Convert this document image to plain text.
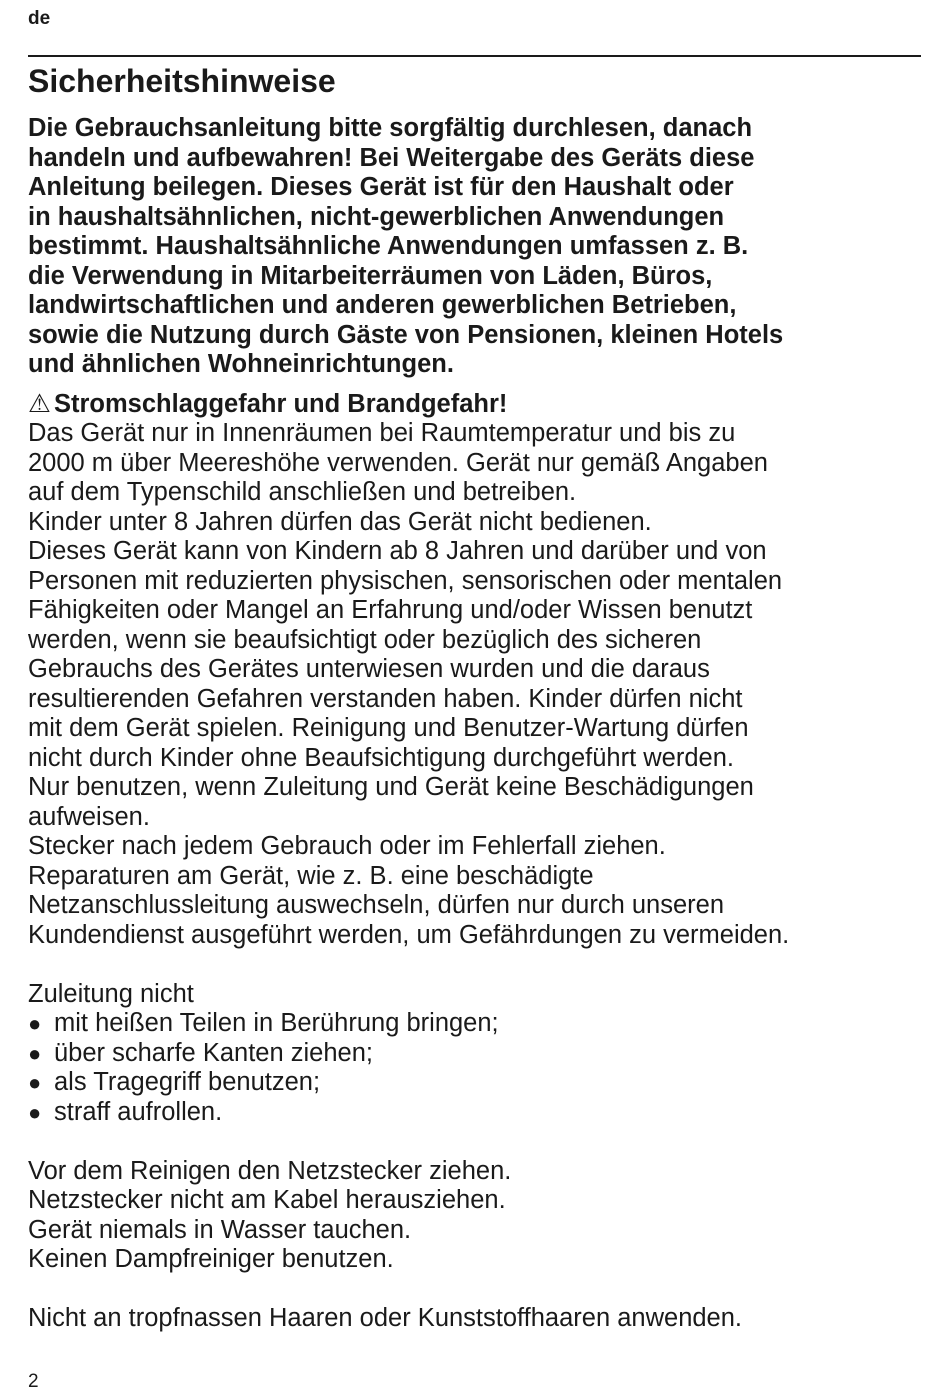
de
Sicherheitshinweise
Die Gebrauchsanleitung bitte sorgfältig durchlesen, danach
handeln und aufbewahren! Bei Weitergabe des Geräts diese
Anleitung beilegen. Dieses Gerät ist für den Haushalt oder
in haushaltsähnlichen, nicht-gewerblichen Anwendungen
bestimmt. Haushaltsähnliche Anwendungen umfassen z. B.
die Verwendung in Mitarbeiterräumen von Läden, Büros,
landwirtschaftlichen und anderen gewerblichen Betrieben,
sowie die Nutzung durch Gäste von Pensionen, kleinen Hotels
und ähnlichen Wohneinrichtungen.
⚠ Stromschlaggefahr und Brandgefahr!
Das Gerät nur in Innenräumen bei Raumtemperatur und bis zu
2000 m über Meereshöhe verwenden. Gerät nur gemäß Angaben
auf dem Typenschild anschließen und betreiben.
Kinder unter 8 Jahren dürfen das Gerät nicht bedienen.
Dieses Gerät kann von Kindern ab 8 Jahren und darüber und von
Personen mit reduzierten physischen, sensorischen oder mentalen
Fähigkeiten oder Mangel an Erfahrung und/oder Wissen benutzt
werden, wenn sie beaufsichtigt oder bezüglich des sicheren
Gebrauchs des Gerätes unterwiesen wurden und die daraus
resultierenden Gefahren verstanden haben. Kinder dürfen nicht
mit dem Gerät spielen. Reinigung und Benutzer-Wartung dürfen
nicht durch Kinder ohne Beaufsichtigung durchgeführt werden.
Nur benutzen, wenn Zuleitung und Gerät keine Beschädigungen
aufweisen.
Stecker nach jedem Gebrauch oder im Fehlerfall ziehen.
Reparaturen am Gerät, wie z. B. eine beschädigte
Netzanschlussleitung auswechseln, dürfen nur durch unseren
Kundendienst ausgeführt werden, um Gefährdungen zu vermeiden.
Zuleitung nicht
● mit heißen Teilen in Berührung bringen;
● über scharfe Kanten ziehen;
● als Tragegriff benutzen;
● straff aufrollen.
Vor dem Reinigen den Netzstecker ziehen.
Netzstecker nicht am Kabel herausziehen.
Gerät niemals in Wasser tauchen.
Keinen Dampfreiniger benutzen.
Nicht an tropfnassen Haaren oder Kunststoffhaaren anwenden.
2
